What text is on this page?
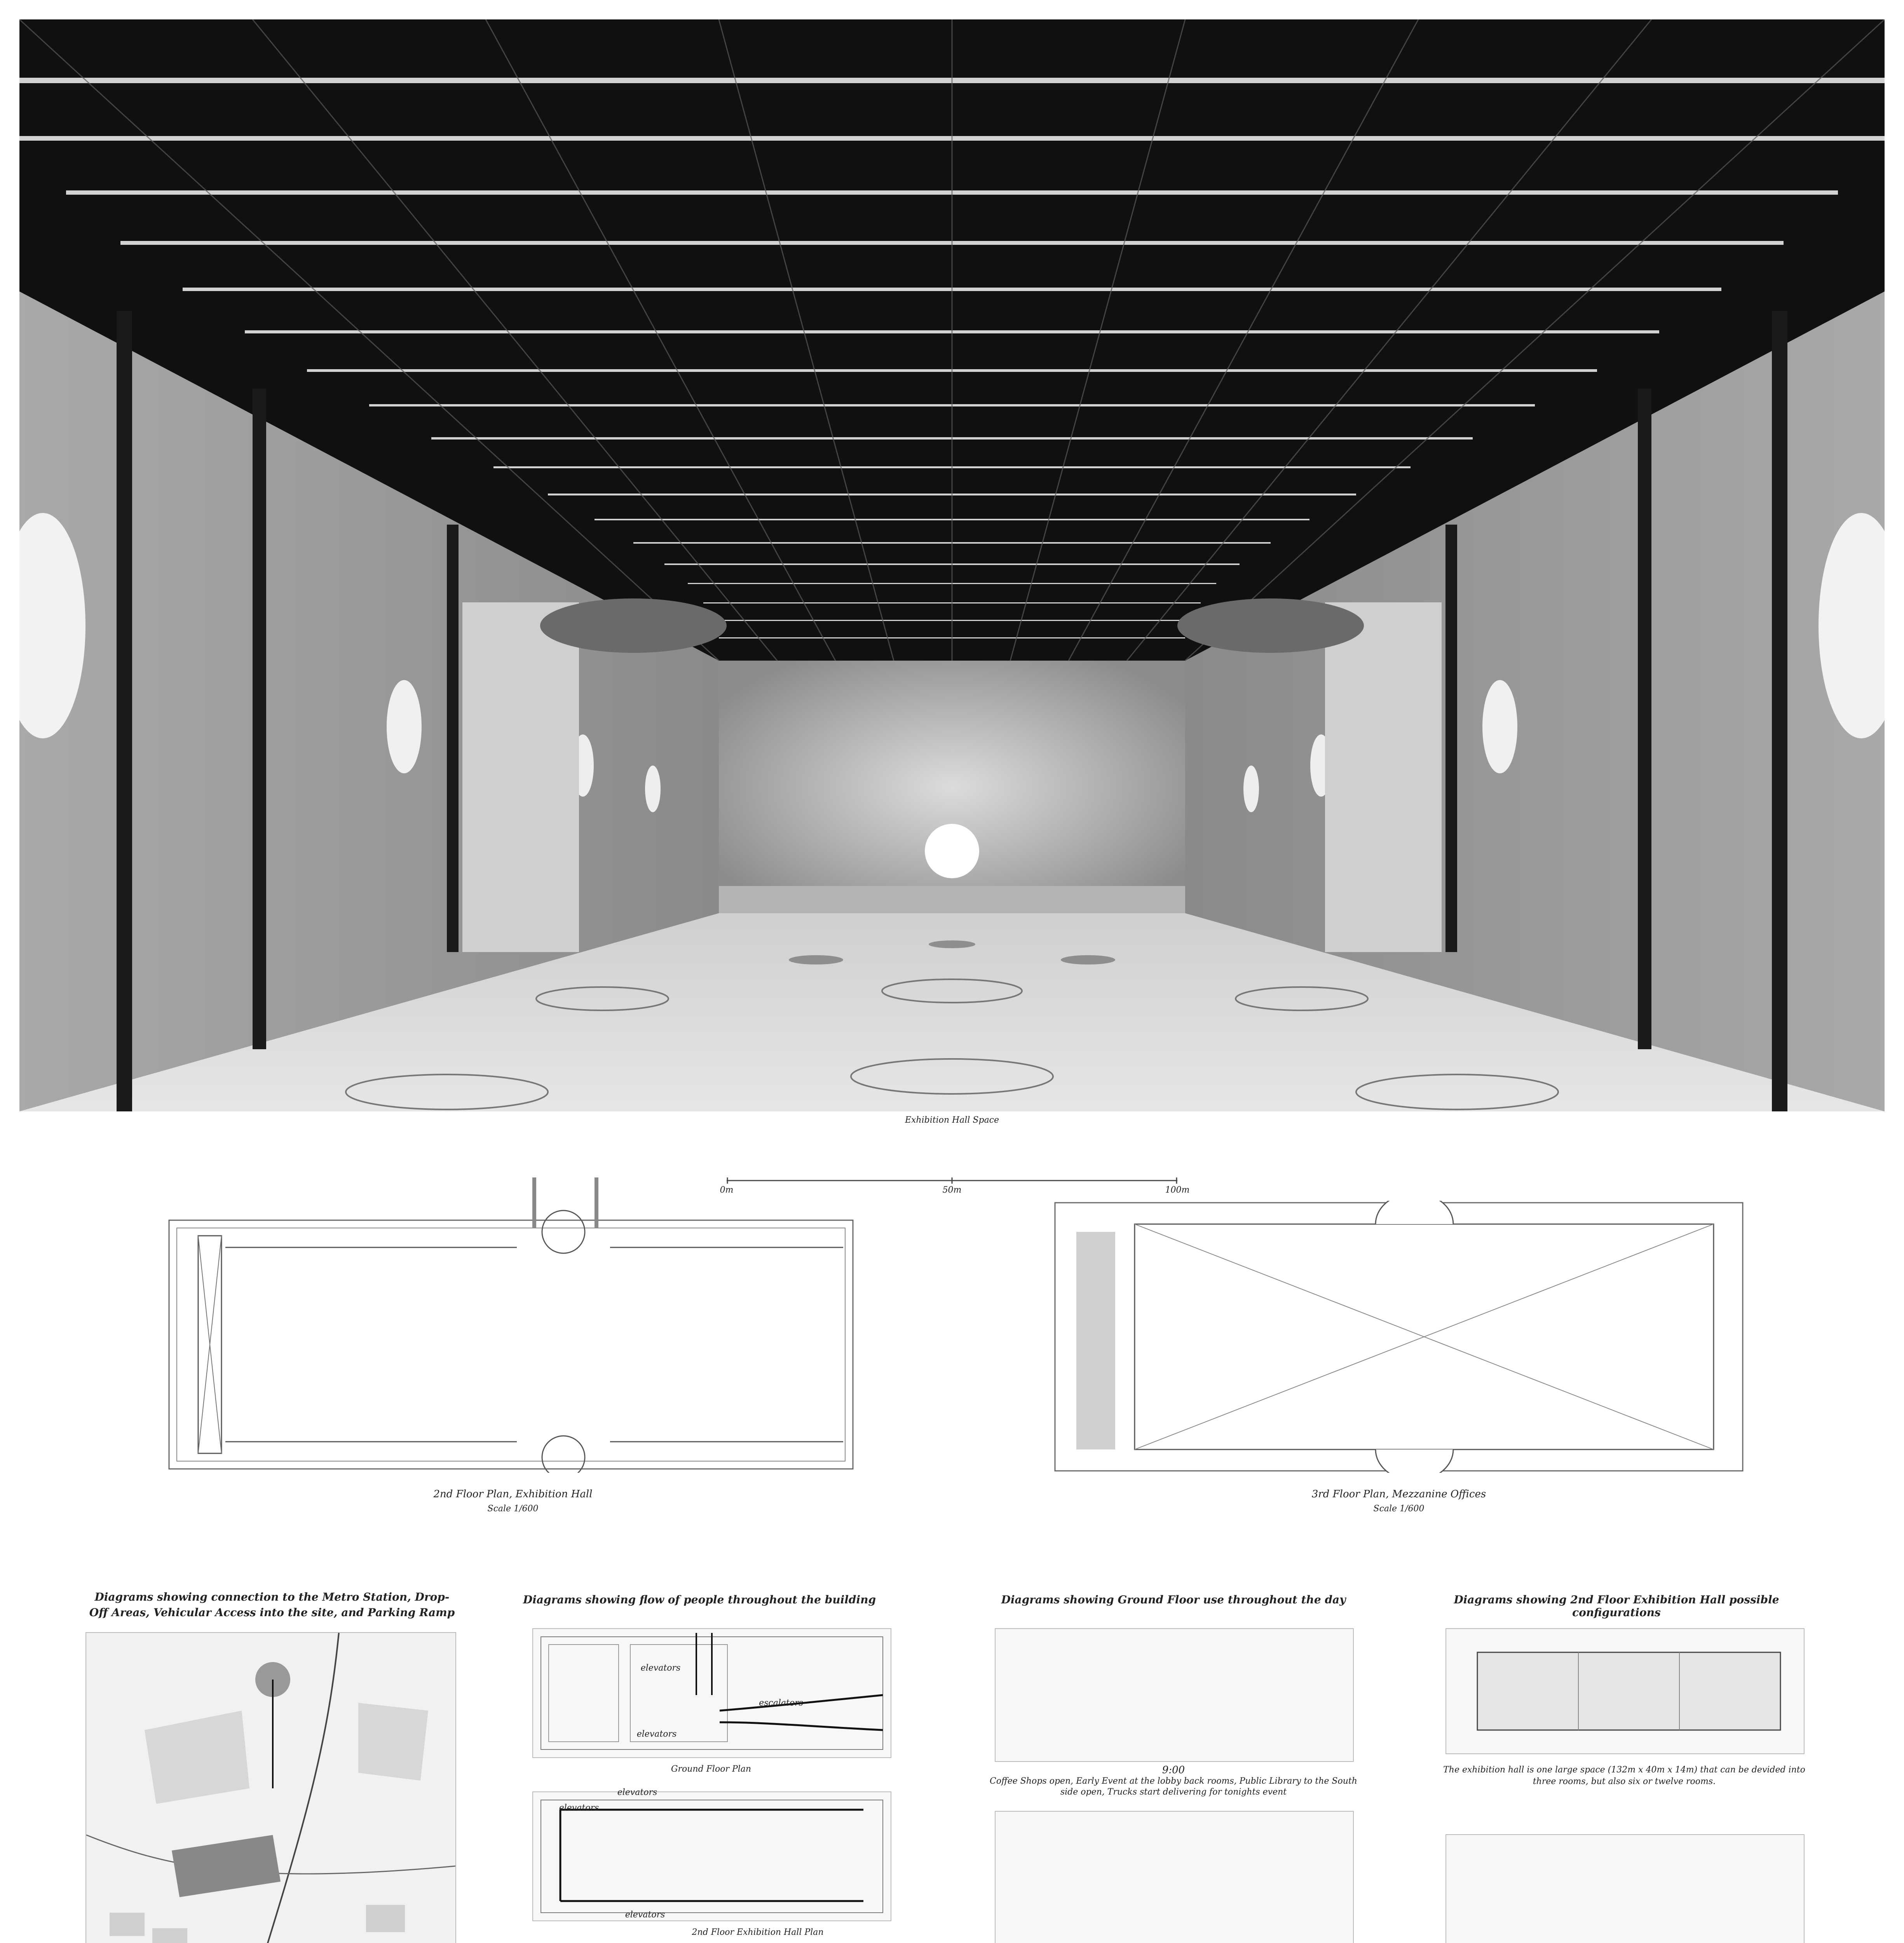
Exhibition Hall Space
0m	50m	100m
2nd Floor Plan, Exhibition Hall
Scale 1/600
3rd Floor Plan, Mezzanine Offices
Scale 1/600
Diagrams showing connection to the Metro Station, Drop-Off Areas, Vehicular Access into the site, and Parking Ramp
Diagrams showing flow of people throughout the building
elevators
escalators
elevators
Ground Floor Plan
elevators
elevators
elevators
2nd Floor Exhibition Hall Plan
Diagrams showing Ground Floor use throughout the day
9:00
Coffee Shops open, Early Event at the lobby back rooms, Public Library to the South side open, Trucks start delivering for tonights event
Diagrams showing 2nd Floor Exhibition Hall possible configurations
The exhibition hall is one large space (132m x 40m x 14m) that can be devided into three rooms, but also six or twelve rooms.
